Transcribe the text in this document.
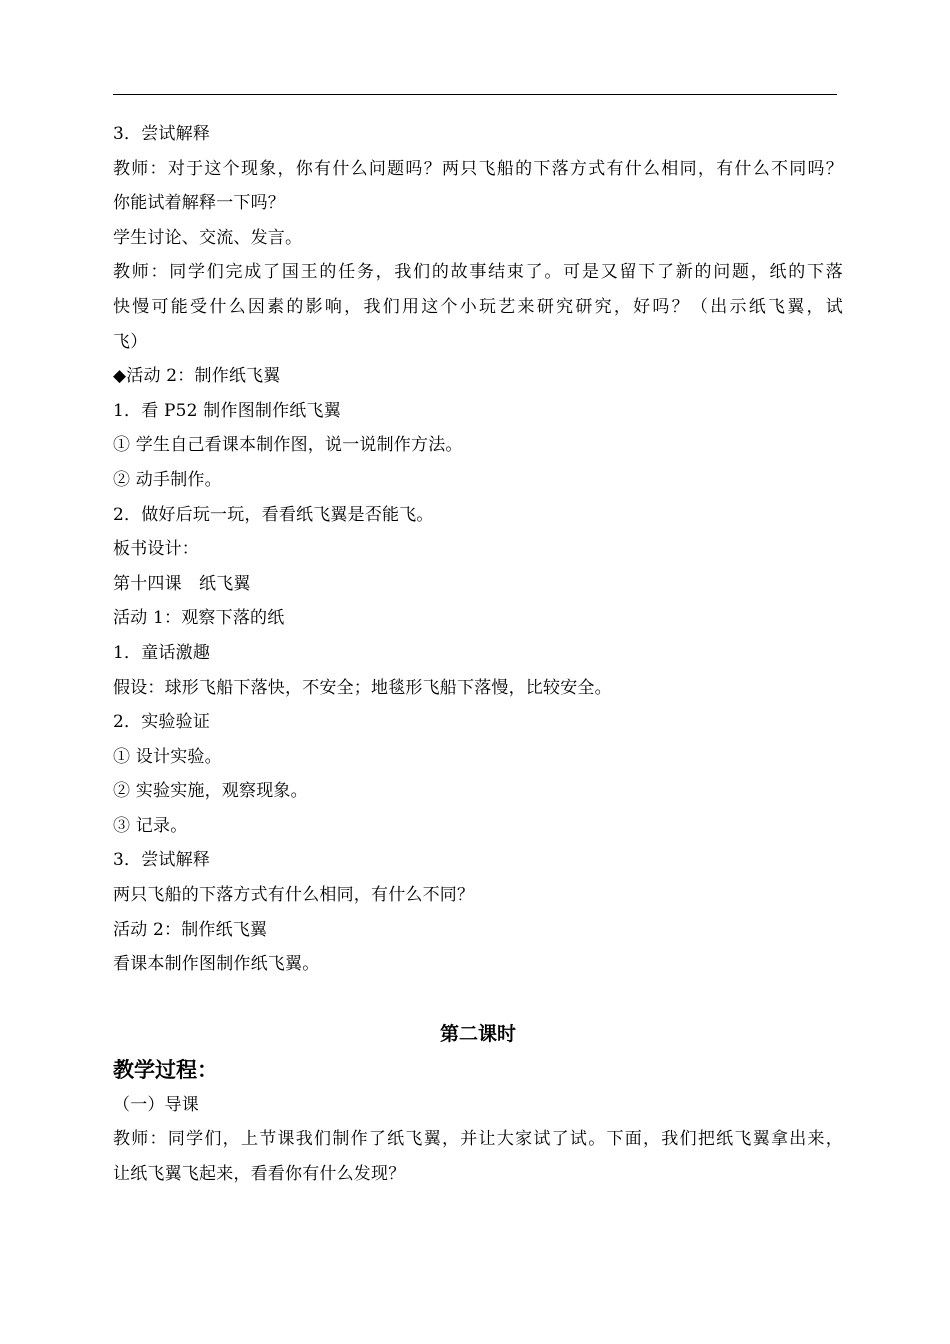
3．尝试解释
教师：对于这个现象，你有什么问题吗？两只飞船的下落方式有什么相同，有什么不同吗？
你能试着解释一下吗？
学生讨论、交流、发言。
教师：同学们完成了国王的任务，我们的故事结束了。可是又留下了新的问题，纸的下落
快慢可能受什么因素的影响，我们用这个小玩艺来研究研究，好吗？（出示纸飞翼，试
飞）
◆活动 2：制作纸飞翼
1．看 P52 制作图制作纸飞翼
① 学生自己看课本制作图，说一说制作方法。
② 动手制作。
2．做好后玩一玩，看看纸飞翼是否能飞。
板书设计：
第十四课　纸飞翼
活动 1：观察下落的纸
1．童话激趣
假设：球形飞船下落快，不安全；地毯形飞船下落慢，比较安全。
2．实验验证
① 设计实验。
② 实验实施，观察现象。
③ 记录。
3．尝试解释
两只飞船的下落方式有什么相同，有什么不同？
活动 2：制作纸飞翼
看课本制作图制作纸飞翼。
第二课时
教学过程：
（一）导课
教师：同学们，上节课我们制作了纸飞翼，并让大家试了试。下面，我们把纸飞翼拿出来，
让纸飞翼飞起来，看看你有什么发现？
